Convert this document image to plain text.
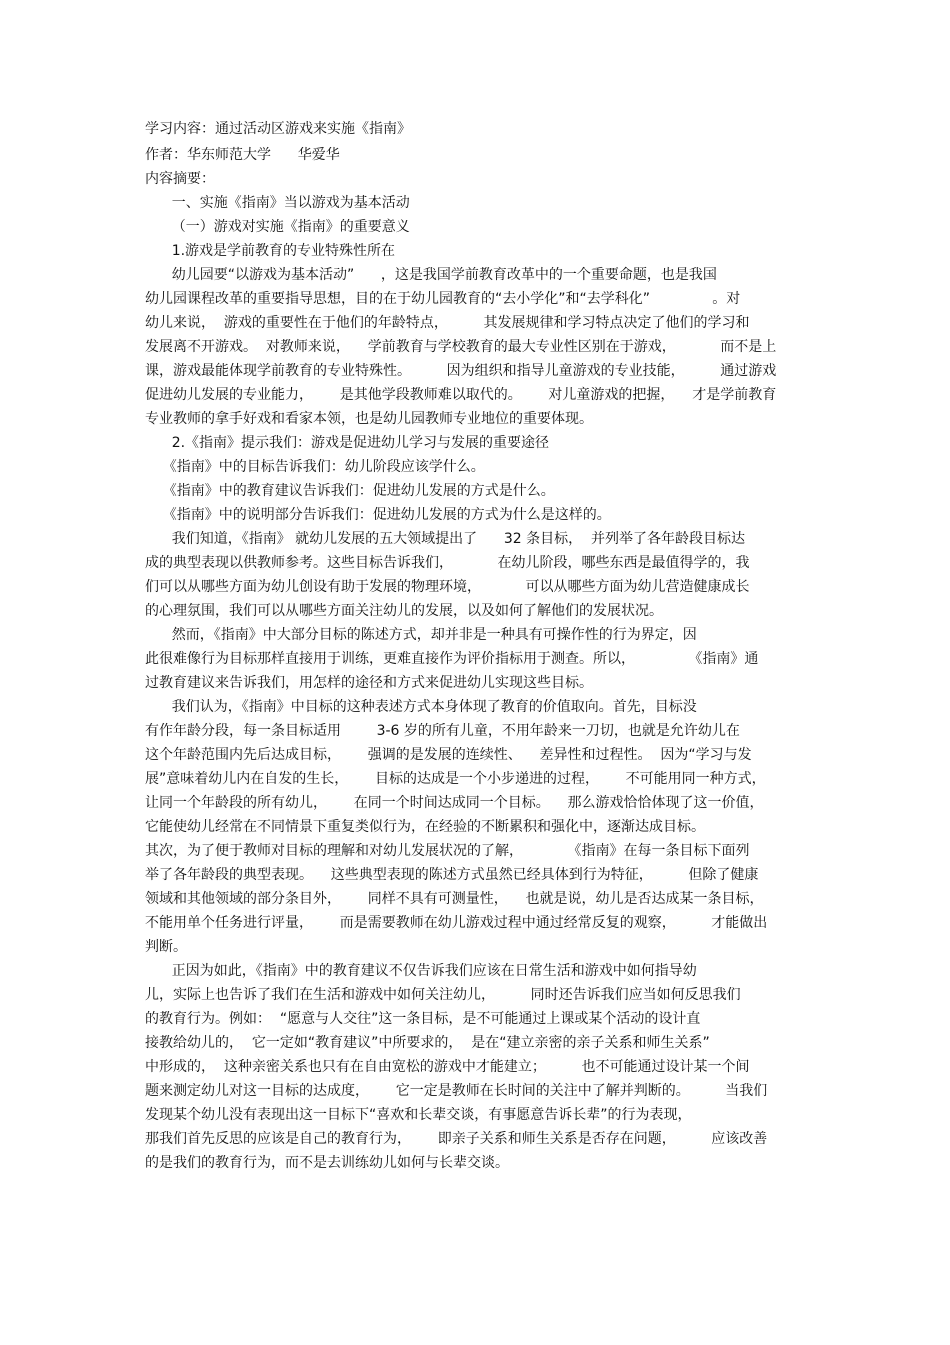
学习内容：通过活动区游戏来实施《指南》
作者：华东师范大学      华爱华
内容摘要：
一、实施《指南》当以游戏为基本活动
（一）游戏对实施《指南》的重要意义
1.游戏是学前教育的专业特殊性所在
幼儿园要“以游戏为基本活动”      ，这是我国学前教育改革中的一个重要命题，也是我国
幼儿园课程改革的重要指导思想，目的在于幼儿园教育的“去小学化”和“去学科化”              。对
幼儿来说，  游戏的重要性在于他们的年龄特点，        其发展规律和学习特点决定了他们的学习和
发展离不开游戏。  对教师来说，    学前教育与学校教育的最大专业性区别在于游戏，          而不是上
课，游戏最能体现学前教育的专业特殊性。        因为组织和指导儿童游戏的专业技能，        通过游戏
促进幼儿发展的专业能力，      是其他学段教师难以取代的。      对儿童游戏的把握，    才是学前教育
专业教师的拿手好戏和看家本领，也是幼儿园教师专业地位的重要体现。
2.《指南》提示我们：游戏是促进幼儿学习与发展的重要途径
《指南》中的目标告诉我们：幼儿阶段应该学什么。
《指南》中的教育建议告诉我们：促进幼儿发展的方式是什么。
《指南》中的说明部分告诉我们：促进幼儿发展的方式为什么是这样的。
我们知道，《指南》 就幼儿发展的五大领域提出了      32 条目标，  并列举了各年龄段目标达
成的典型表现以供教师参考。这些目标告诉我们，          在幼儿阶段，哪些东西是最值得学的，我
们可以从哪些方面为幼儿创设有助于发展的物理环境，          可以从哪些方面为幼儿营造健康成长
的心理氛围，我们可以从哪些方面关注幼儿的发展，以及如何了解他们的发展状况。
然而，《指南》中大部分目标的陈述方式，却并非是一种具有可操作性的行为界定，因
此很难像行为目标那样直接用于训练，更难直接作为评价指标用于测查。所以，            《指南》通
过教育建议来告诉我们，用怎样的途径和方式来促进幼儿实现这些目标。
我们认为，《指南》中目标的这种表述方式本身体现了教育的价值取向。首先，目标没
有作年龄分段，每一条目标适用        3-6 岁的所有儿童，不用年龄来一刀切，也就是允许幼儿在
这个年龄范围内先后达成目标，      强调的是发展的连续性、    差异性和过程性。  因为“学习与发
展”意味着幼儿内在自发的生长，      目标的达成是一个小步递进的过程，      不可能用同一种方式，
让同一个年龄段的所有幼儿，      在同一个时间达成同一个目标。    那么游戏恰恰体现了这一价值，
它能使幼儿经常在不同情景下重复类似行为，在经验的不断累积和强化中，逐渐达成目标。
其次，为了便于教师对目标的理解和对幼儿发展状况的了解，          《指南》在每一条目标下面列
举了各年龄段的典型表现。    这些典型表现的陈述方式虽然已经具体到行为特征，        但除了健康
领域和其他领域的部分条目外，      同样不具有可测量性，    也就是说，幼儿是否达成某一条目标，
不能用单个任务进行评量，      而是需要教师在幼儿游戏过程中通过经常反复的观察，        才能做出
判断。
正因为如此，《指南》中的教育建议不仅告诉我们应该在日常生活和游戏中如何指导幼
儿，实际上也告诉了我们在生活和游戏中如何关注幼儿，        同时还告诉我们应当如何反思我们
的教育行为。例如：  “愿意与人交往”这一条目标，是不可能通过上课或某个活动的设计直
接教给幼儿的，  它一定如“教育建议”中所要求的，  是在“建立亲密的亲子关系和师生关系”
中形成的，  这种亲密关系也只有在自由宽松的游戏中才能建立；        也不可能通过设计某一个间
题来测定幼儿对这一目标的达成度，      它一定是教师在长时间的关注中了解并判断的。        当我们
发现某个幼儿没有表现出这一目标下“喜欢和长辈交谈，有事愿意告诉长辈”的行为表现，
那我们首先反思的应该是自己的教育行为，      即亲子关系和师生关系是否存在问题，        应该改善
的是我们的教育行为，而不是去训练幼儿如何与长辈交谈。
